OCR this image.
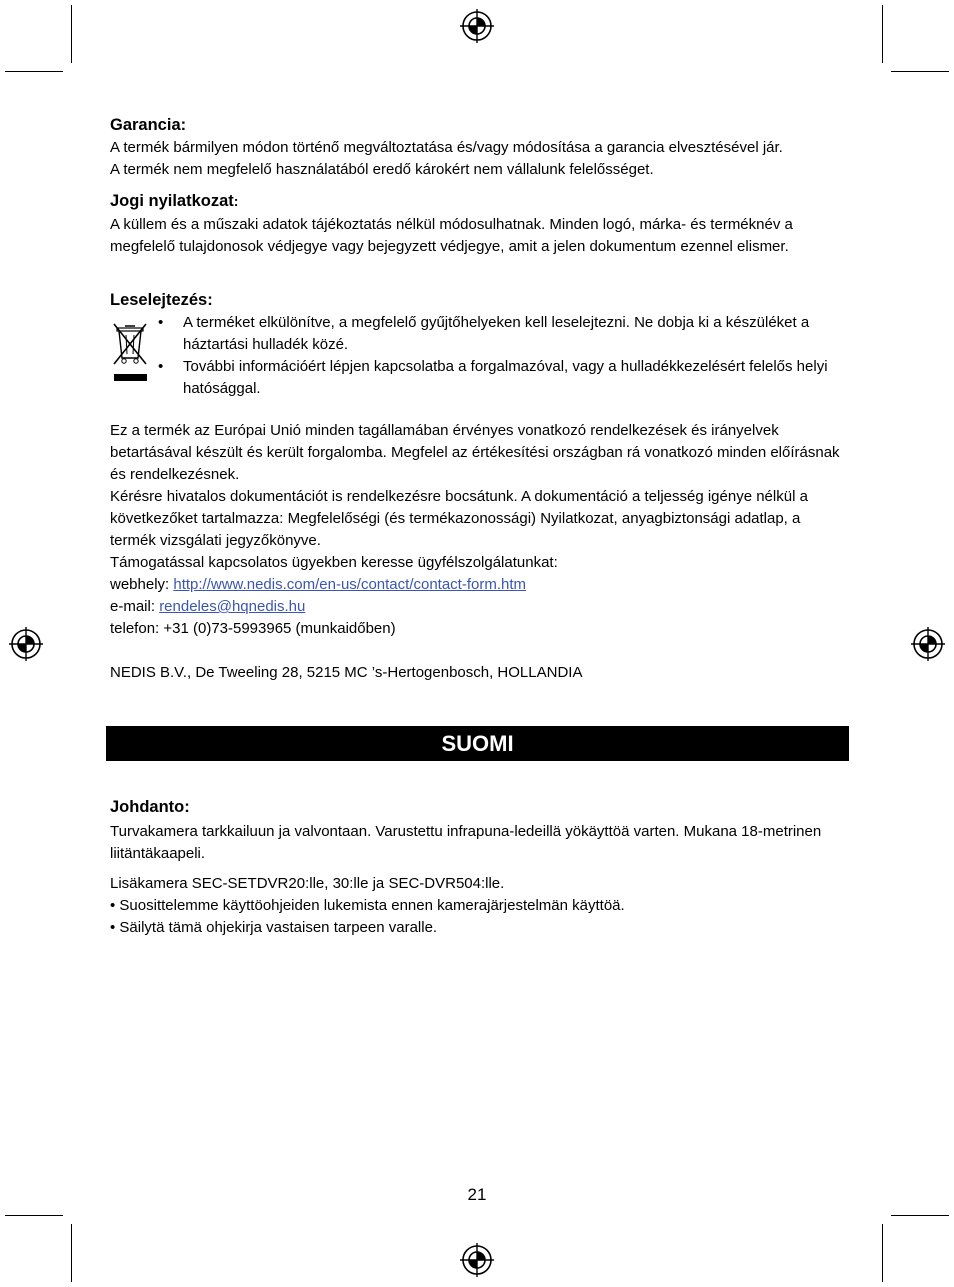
Garancia:

A termék bármilyen módon történő megváltoztatása és/vagy módosítása a garancia elvesztésével jár.

A termék nem megfelelő használatából eredő károkért nem vállalunk felelősséget.

Jogi nyilatkozat:

A küllem és a műszaki adatok tájékoztatás nélkül módosulhatnak. Minden logó, márka- és terméknév a megfelelő tulajdonosok védjegye vagy bejegyzett védjegye, amit a jelen dokumentum ezennel elismer.

Leselejtezés:
• A terméket elkülönítve, a megfelelő gyűjtőhelyeken kell leselejtezni. Ne dobja ki a készüléket a háztartási hulladék közé.
• További információért lépjen kapcsolatba a forgalmazóval, vagy a hulladékkezelésért felelős helyi hatósággal.

Ez a termék az Európai Unió minden tagállamában érvényes vonatkozó rendelkezések és irányelvek betartásával készült és került forgalomba. Megfelel az értékesítési országban rá vonatkozó minden előírásnak és rendelkezésnek.

Kérésre hivatalos dokumentációt is rendelkezésre bocsátunk. A dokumentáció a teljesség igénye nélkül a következőket tartalmazza: Megfelelőségi (és termékazonossági) Nyilatkozat, anyagbiztonsági adatlap, a termék vizsgálati jegyzőkönyve.

Támogatással kapcsolatos ügyekben keresse ügyfélszolgálatunkat:

webhely: http://www.nedis.com/en-us/contact/contact-form.htm

e-mail: rendeles@hqnedis.hu

telefon: +31 (0)73-5993965 (munkaidőben)

NEDIS B.V., De Tweeling 28, 5215 MC ’s-Hertogenbosch, HOLLANDIA

SUOMI
Johdanto:

Turvakamera tarkkailuun ja valvontaan. Varustettu infrapuna-ledeillä yökäyttöä varten. Mukana 18-metrinen liitäntäkaapeli.

Lisäkamera SEC-SETDVR20:lle, 30:lle ja SEC-DVR504:lle.

• Suosittelemme käyttöohjeiden lukemista ennen kamerajärjestelmän käyttöä.

• Säilytä tämä ohjekirja vastaisen tarpeen varalle.

21
